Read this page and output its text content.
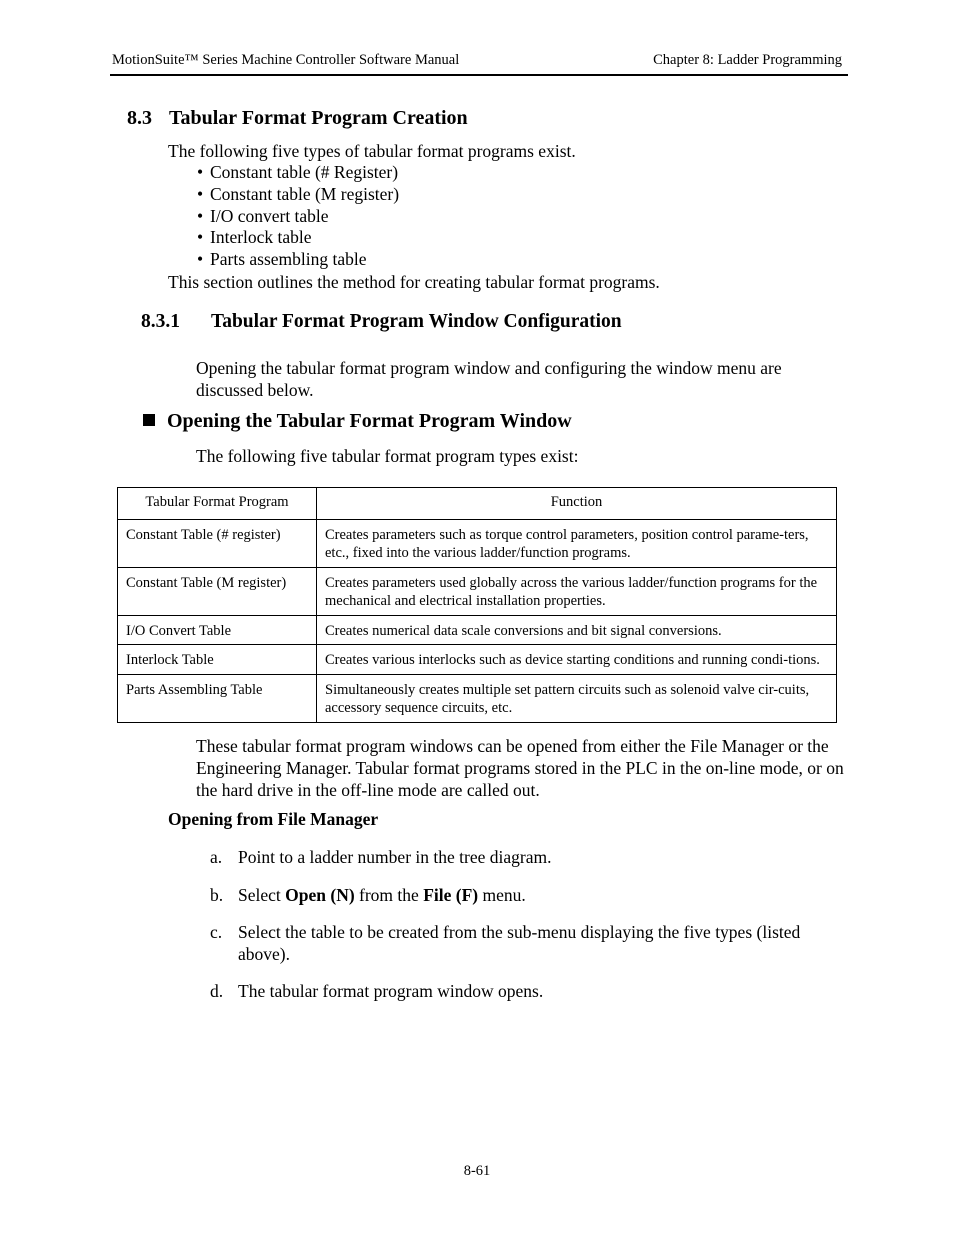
MotionSuite™ Series Machine Controller Software Manual	Chapter 8: Ladder Programming
8.3 Tabular Format Program Creation
The following five types of tabular format programs exist.
• Constant table (# Register)
• Constant table (M register)
• I/O convert table
• Interlock table
• Parts assembling table
This section outlines the method for creating tabular format programs.
8.3.1 Tabular Format Program Window Configuration
Opening the tabular format program window and configuring the window menu are discussed below.
Opening the Tabular Format Program Window
The following five tabular format program types exist:
Tabular Format Program	Function
Constant Table (# register)	Creates parameters such as torque control parameters, position control parame-ters, etc., fixed into the various ladder/function programs.
Constant Table (M register)	Creates parameters used globally across the various ladder/function programs for the mechanical and electrical installation properties.
I/O Convert Table	Creates numerical data scale conversions and bit signal conversions.
Interlock Table	Creates various interlocks such as device starting conditions and running condi-tions.
Parts Assembling Table	Simultaneously creates multiple set pattern circuits such as solenoid valve cir-cuits, accessory sequence circuits, etc.
These tabular format program windows can be opened from either the File Manager or the Engineering Manager. Tabular format programs stored in the PLC in the on-line mode, or on the hard drive in the off-line mode are called out.
Opening from File Manager
a. Point to a ladder number in the tree diagram.
b. Select Open (N) from the File (F) menu.
c. Select the table to be created from the sub-menu displaying the five types (listed above).
d. The tabular format program window opens.
8-61
